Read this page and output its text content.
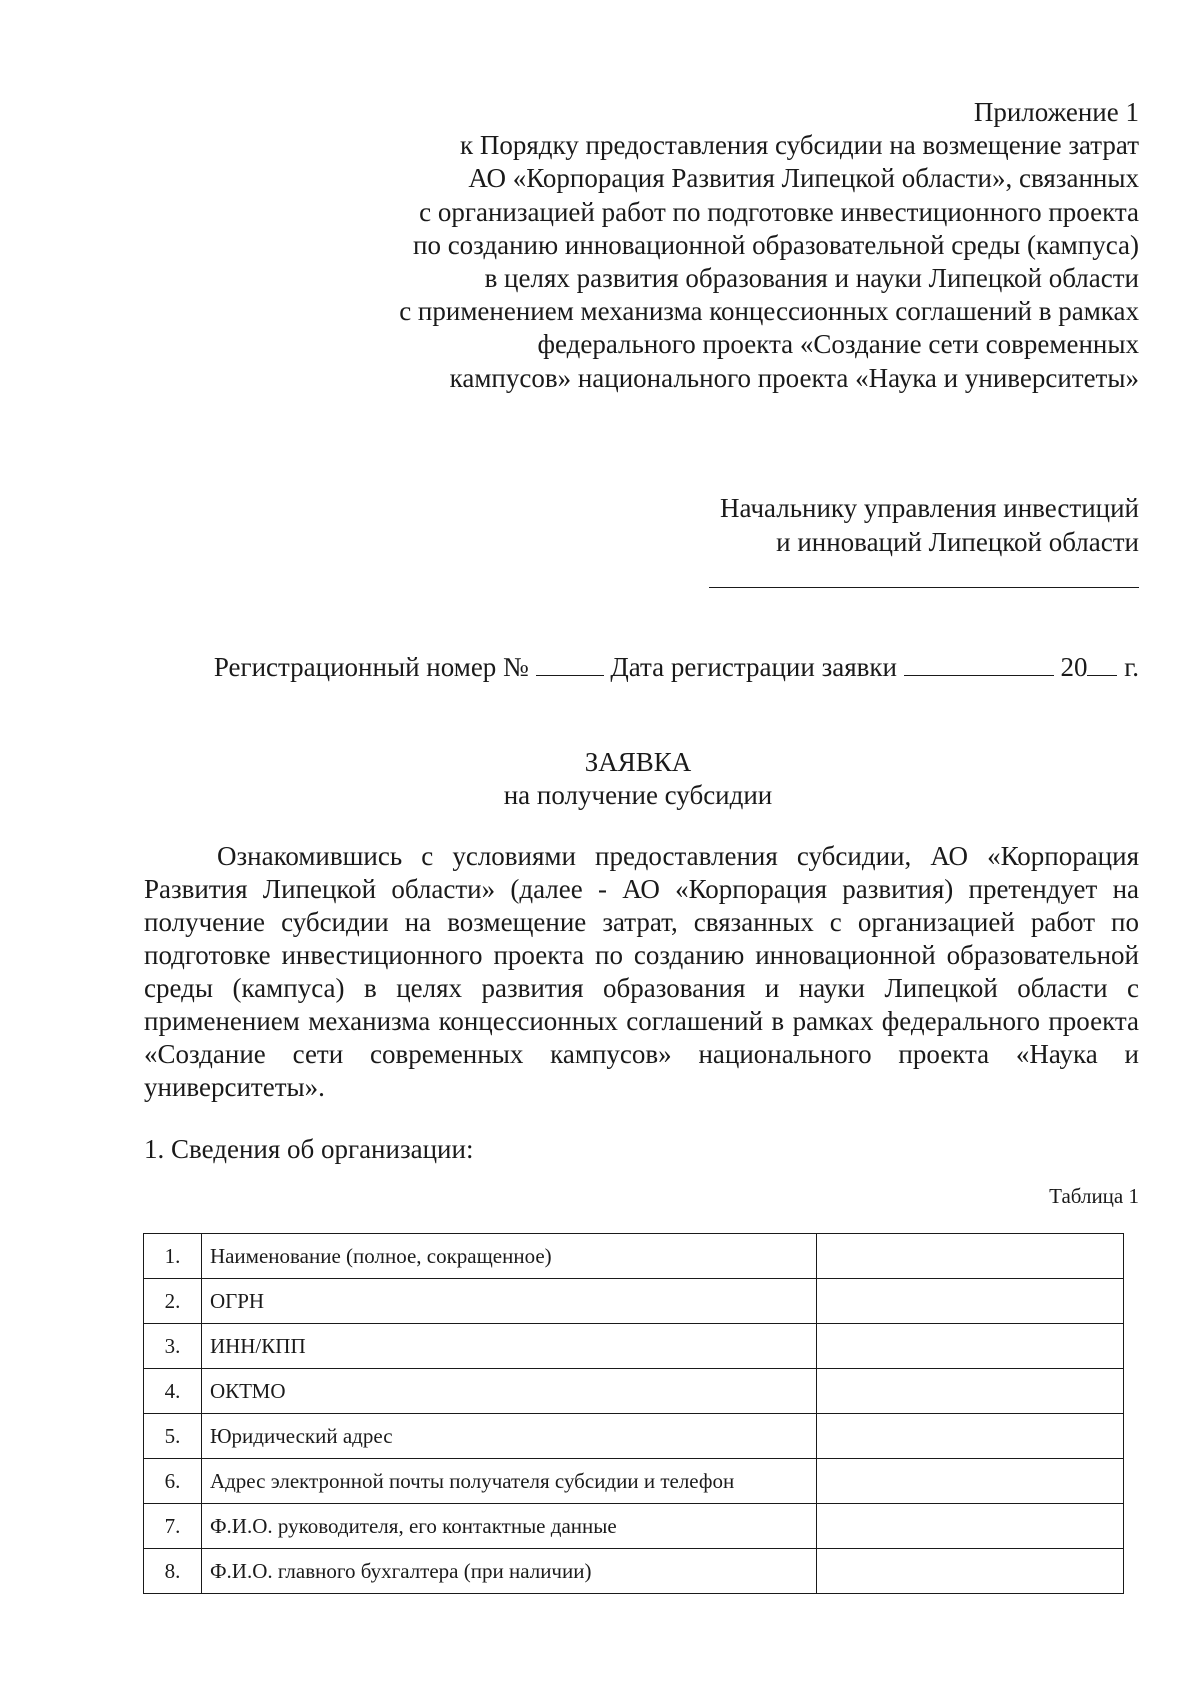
Приложение 1
к Порядку предоставления субсидии на возмещение затрат
АО «Корпорация Развития Липецкой области», связанных
с организацией работ по подготовке инвестиционного проекта
по созданию инновационной образовательной среды (кампуса)
в целях развития образования и науки Липецкой области
с применением механизма концессионных соглашений в рамках
федерального проекта «Создание сети современных
кампусов» национального проекта «Наука и университеты»
Начальнику управления инвестиций
и инноваций Липецкой области
Регистрационный номер №	Дата регистрации заявки	20 г.
ЗАЯВКА
на получение субсидии
Ознакомившись с условиями предоставления субсидии, АО «Корпорация Развития Липецкой области» (далее - АО «Корпорация развития) претендует на получение субсидии на возмещение затрат, связанных с организацией работ по подготовке инвестиционного проекта по созданию инновационной образовательной среды (кампуса) в целях развития образования и науки Липецкой области с применением механизма концессионных соглашений в рамках федерального проекта «Создание сети современных кампусов» национального проекта «Наука и университеты».
1. Сведения об организации:
Таблица 1
1.	Наименование (полное, сокращенное)	
2.	ОГРН	
3.	ИНН/КПП	
4.	ОКТМО	
5.	Юридический адрес	
6.	Адрес электронной почты получателя субсидии и телефон	
7.	Ф.И.О. руководителя, его контактные данные	
8.	Ф.И.О. главного бухгалтера (при наличии)	
